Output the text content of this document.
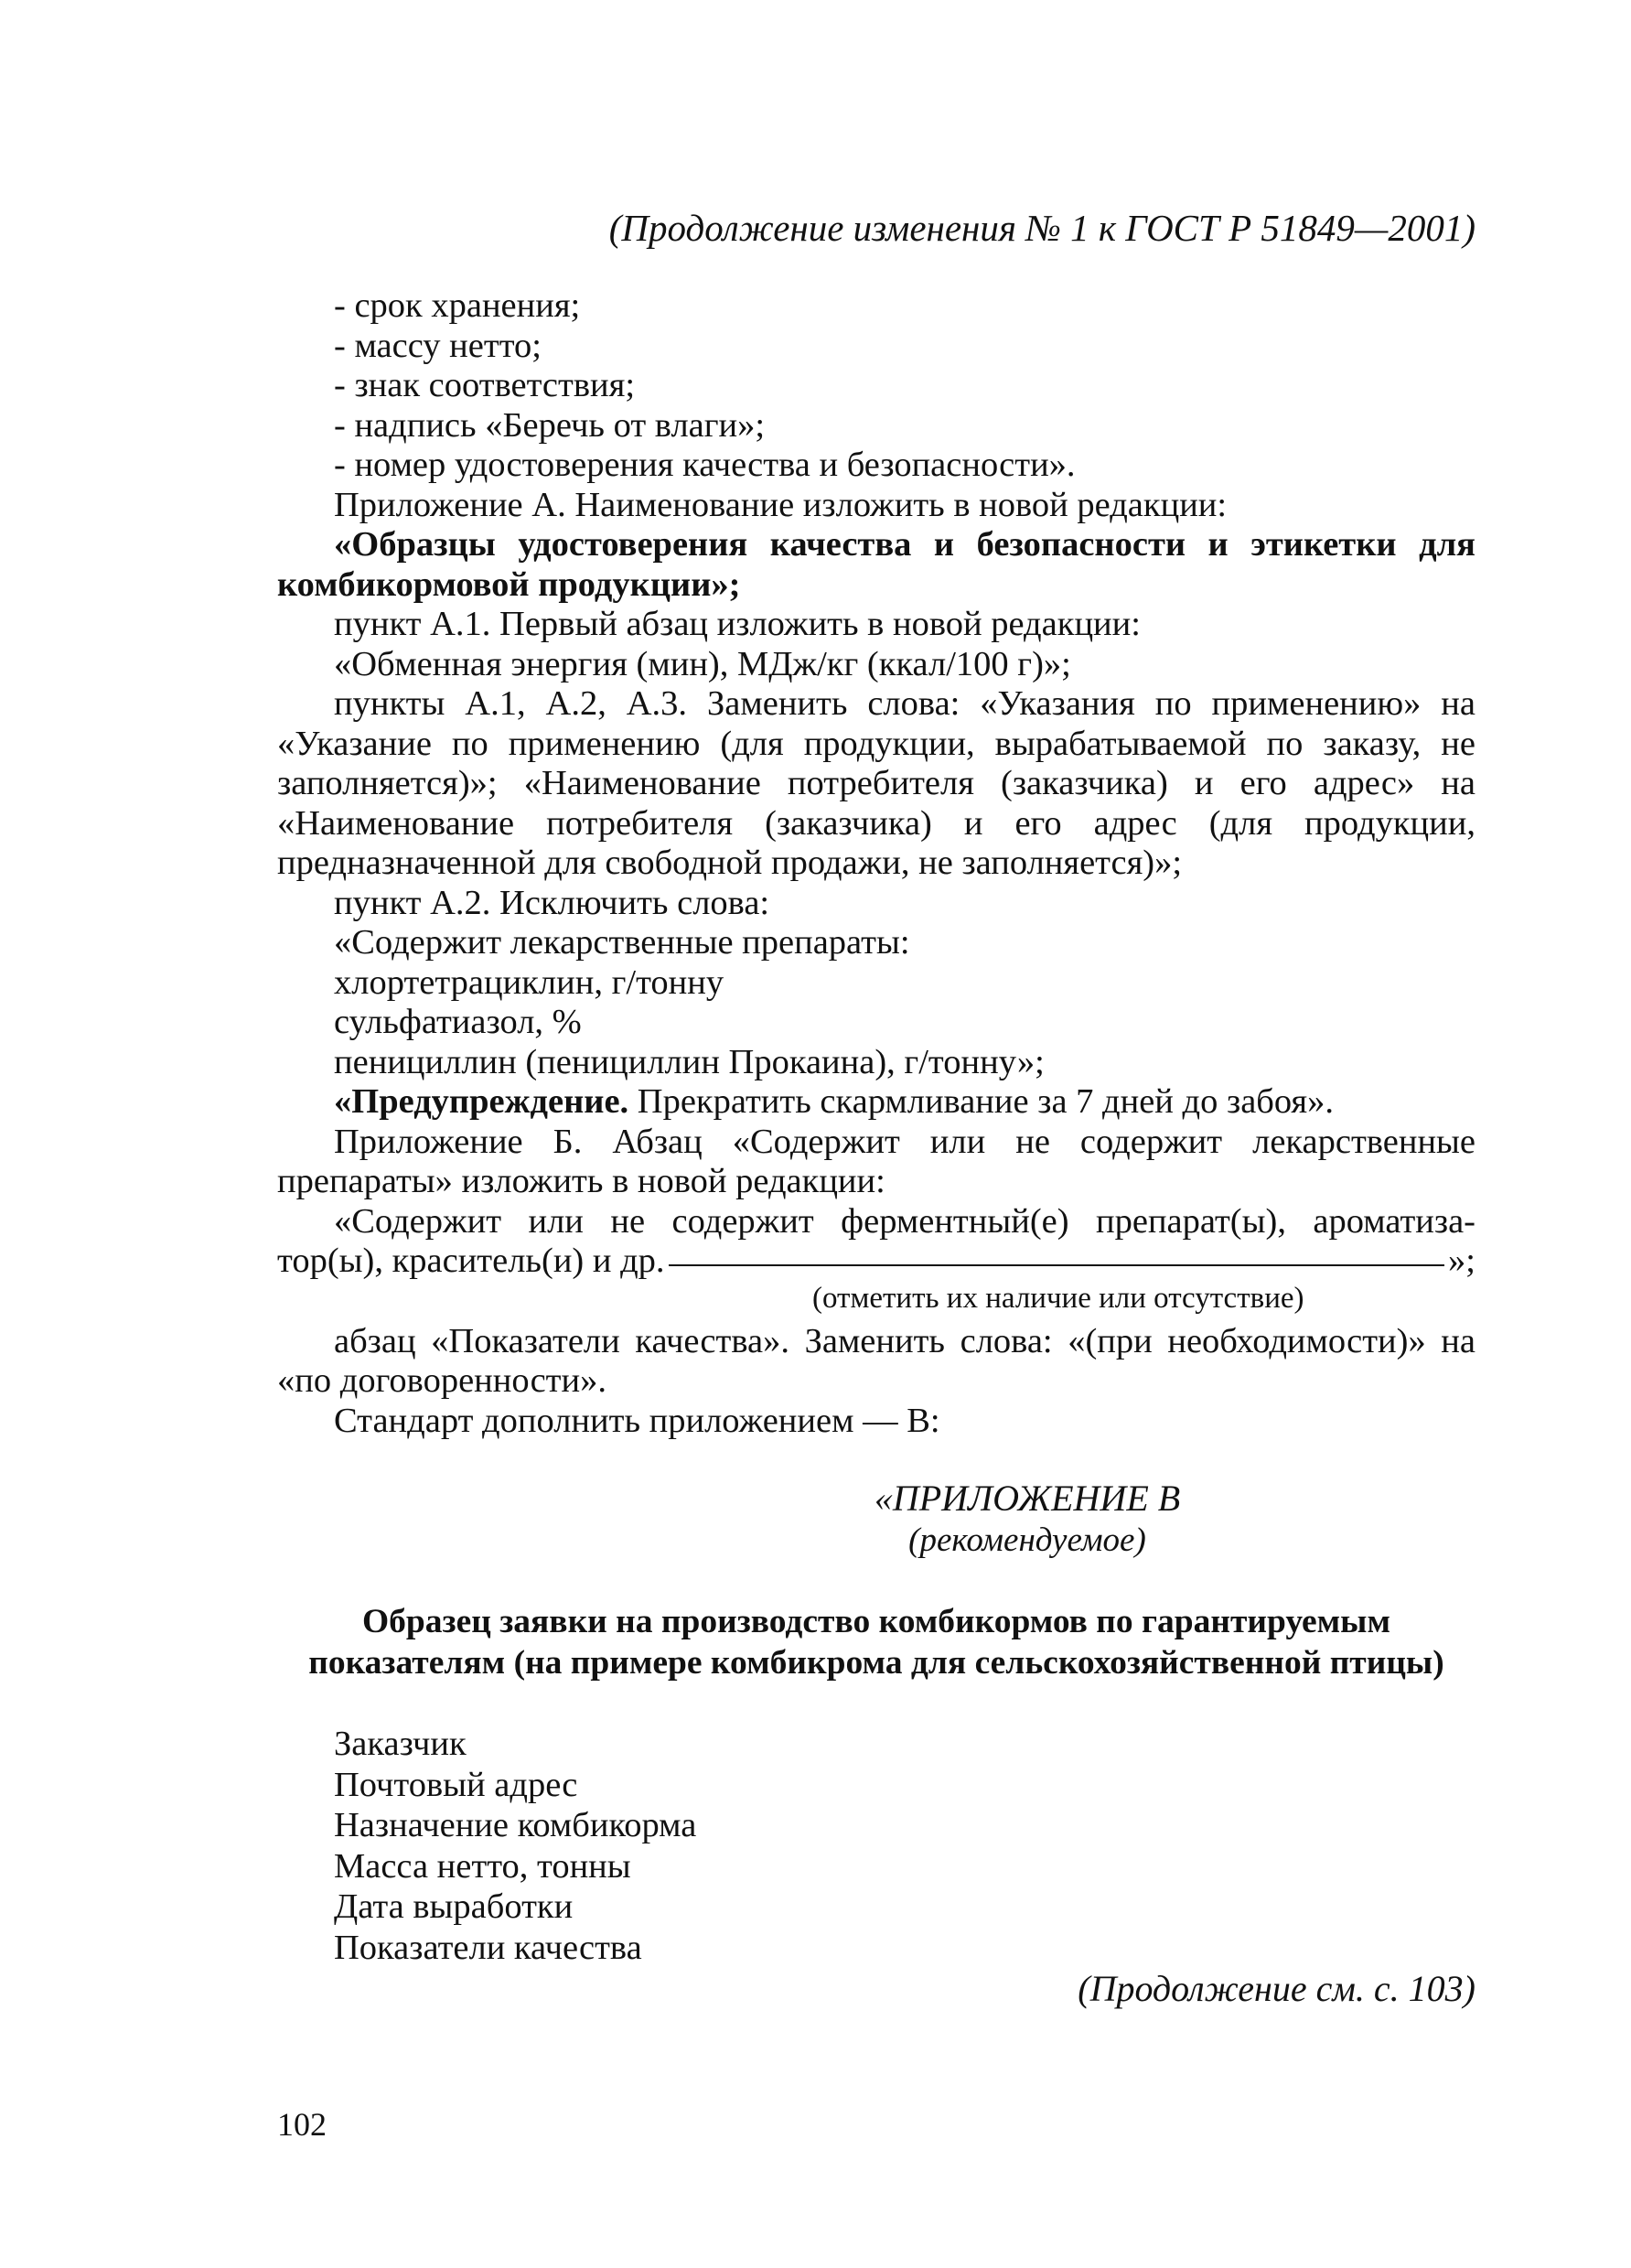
(Продолжение изменения № 1 к ГОСТ Р 51849—2001)

- срок хранения;

- массу нетто;

- знак соответствия;

- надпись «Беречь от влаги»;

- номер удостоверения качества и безопасности».

Приложение А. Наименование изложить в новой редакции:

«Образцы удостоверения качества и безопасности и этикетки для комбикормовой продукции»;

пункт А.1. Первый абзац изложить в новой редакции:

«Обменная энергия (мин), МДж/кг (ккал/100 г)»;

пункты А.1, А.2, А.3. Заменить слова: «Указания по применению» на «Указание по применению (для продукции, вырабатываемой по заказу, не заполняется)»; «Наименование потребителя (заказчика) и его адрес» на «Наименование потребителя (заказчика) и его адрес (для продукции, предназначенной для свободной продажи, не заполняется)»;

пункт А.2. Исключить слова:

«Содержит лекарственные препараты:

хлортетрациклин, г/тонну

сульфатиазол, %

пенициллин (пенициллин Прокаина), г/тонну»;

«Предупреждение. Прекратить скармливание за 7 дней до забоя».

Приложение Б. Абзац «Содержит или не содержит лекарственные препараты» изложить в новой редакции:

«Содержит или не содержит ферментный(е) препарат(ы), ароматиза-

тор(ы), краситель(и) и др.	»;
(отметить их наличие или отсутствие)

абзац «Показатели качества». Заменить слова: «(при необходимости)» на «по договоренности».

Стандарт дополнить приложением — В:

«ПРИЛОЖЕНИЕ В
(рекомендуемое)
Образец заявки на производство комбикормов по гарантируемым
показателям (на примере комбикрома для сельскохозяйственной птицы)
Заказчик
Почтовый адрес
Назначение комбикорма
Масса нетто, тонны
Дата выработки
Показатели качества
(Продолжение см. с. 103)
102
